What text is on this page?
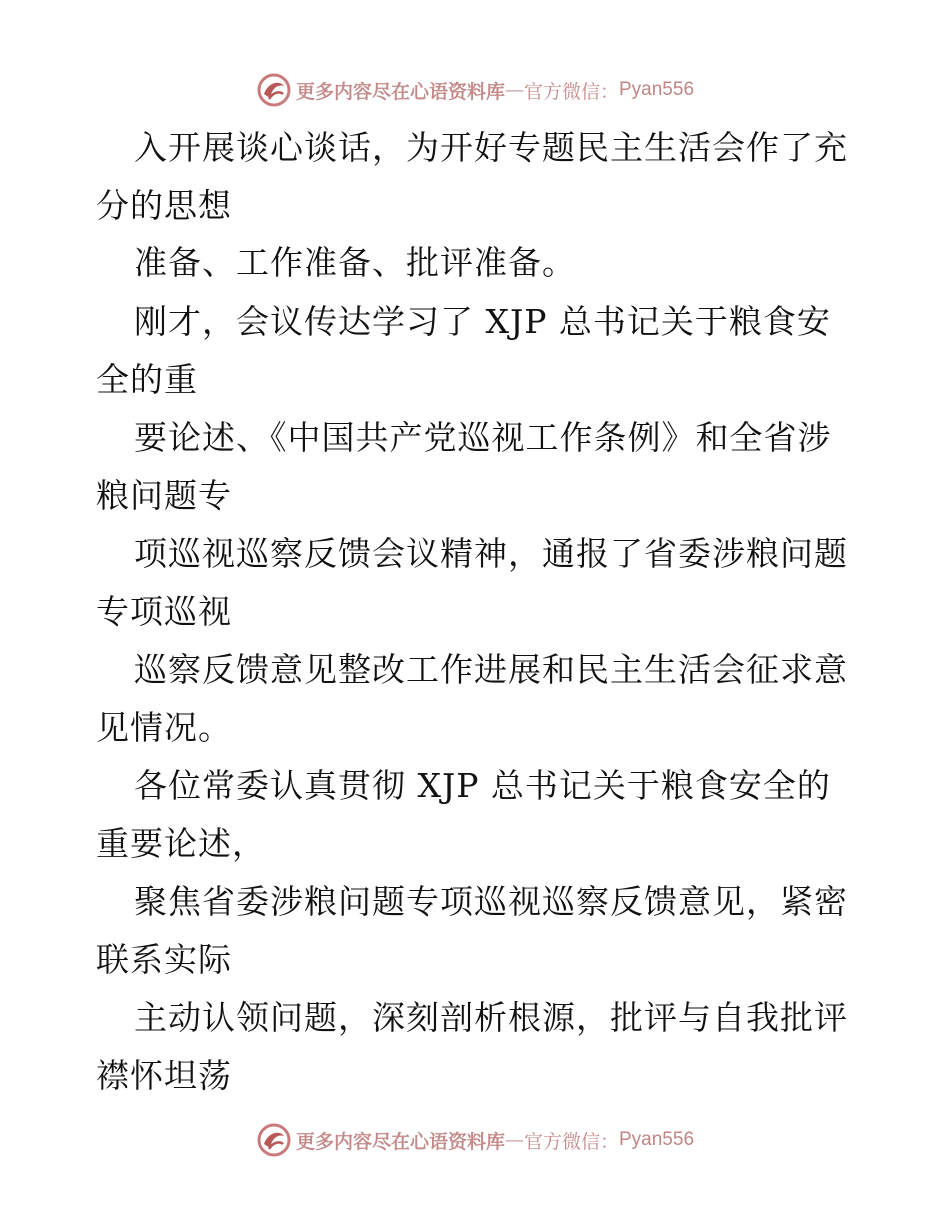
更多内容尽在心语资料库 — 官方微信： Pyan556
入开展谈心谈话，为开好专题民主生活会作了充
分的思想
准备、工作准备、批评准备。
刚才，会议传达学习了 XJP 总书记关于粮食安
全的重
要论述、《中国共产党巡视工作条例》和全省涉
粮问题专
项巡视巡察反馈会议精神，通报了省委涉粮问题
专项巡视
巡察反馈意见整改工作进展和民主生活会征求意
见情况。
各位常委认真贯彻 XJP 总书记关于粮食安全的
重要论述，
聚焦省委涉粮问题专项巡视巡察反馈意见，紧密
联系实际
主动认领问题，深刻剖析根源，批评与自我批评
襟怀坦荡
更多内容尽在心语资料库 — 官方微信： Pyan556
